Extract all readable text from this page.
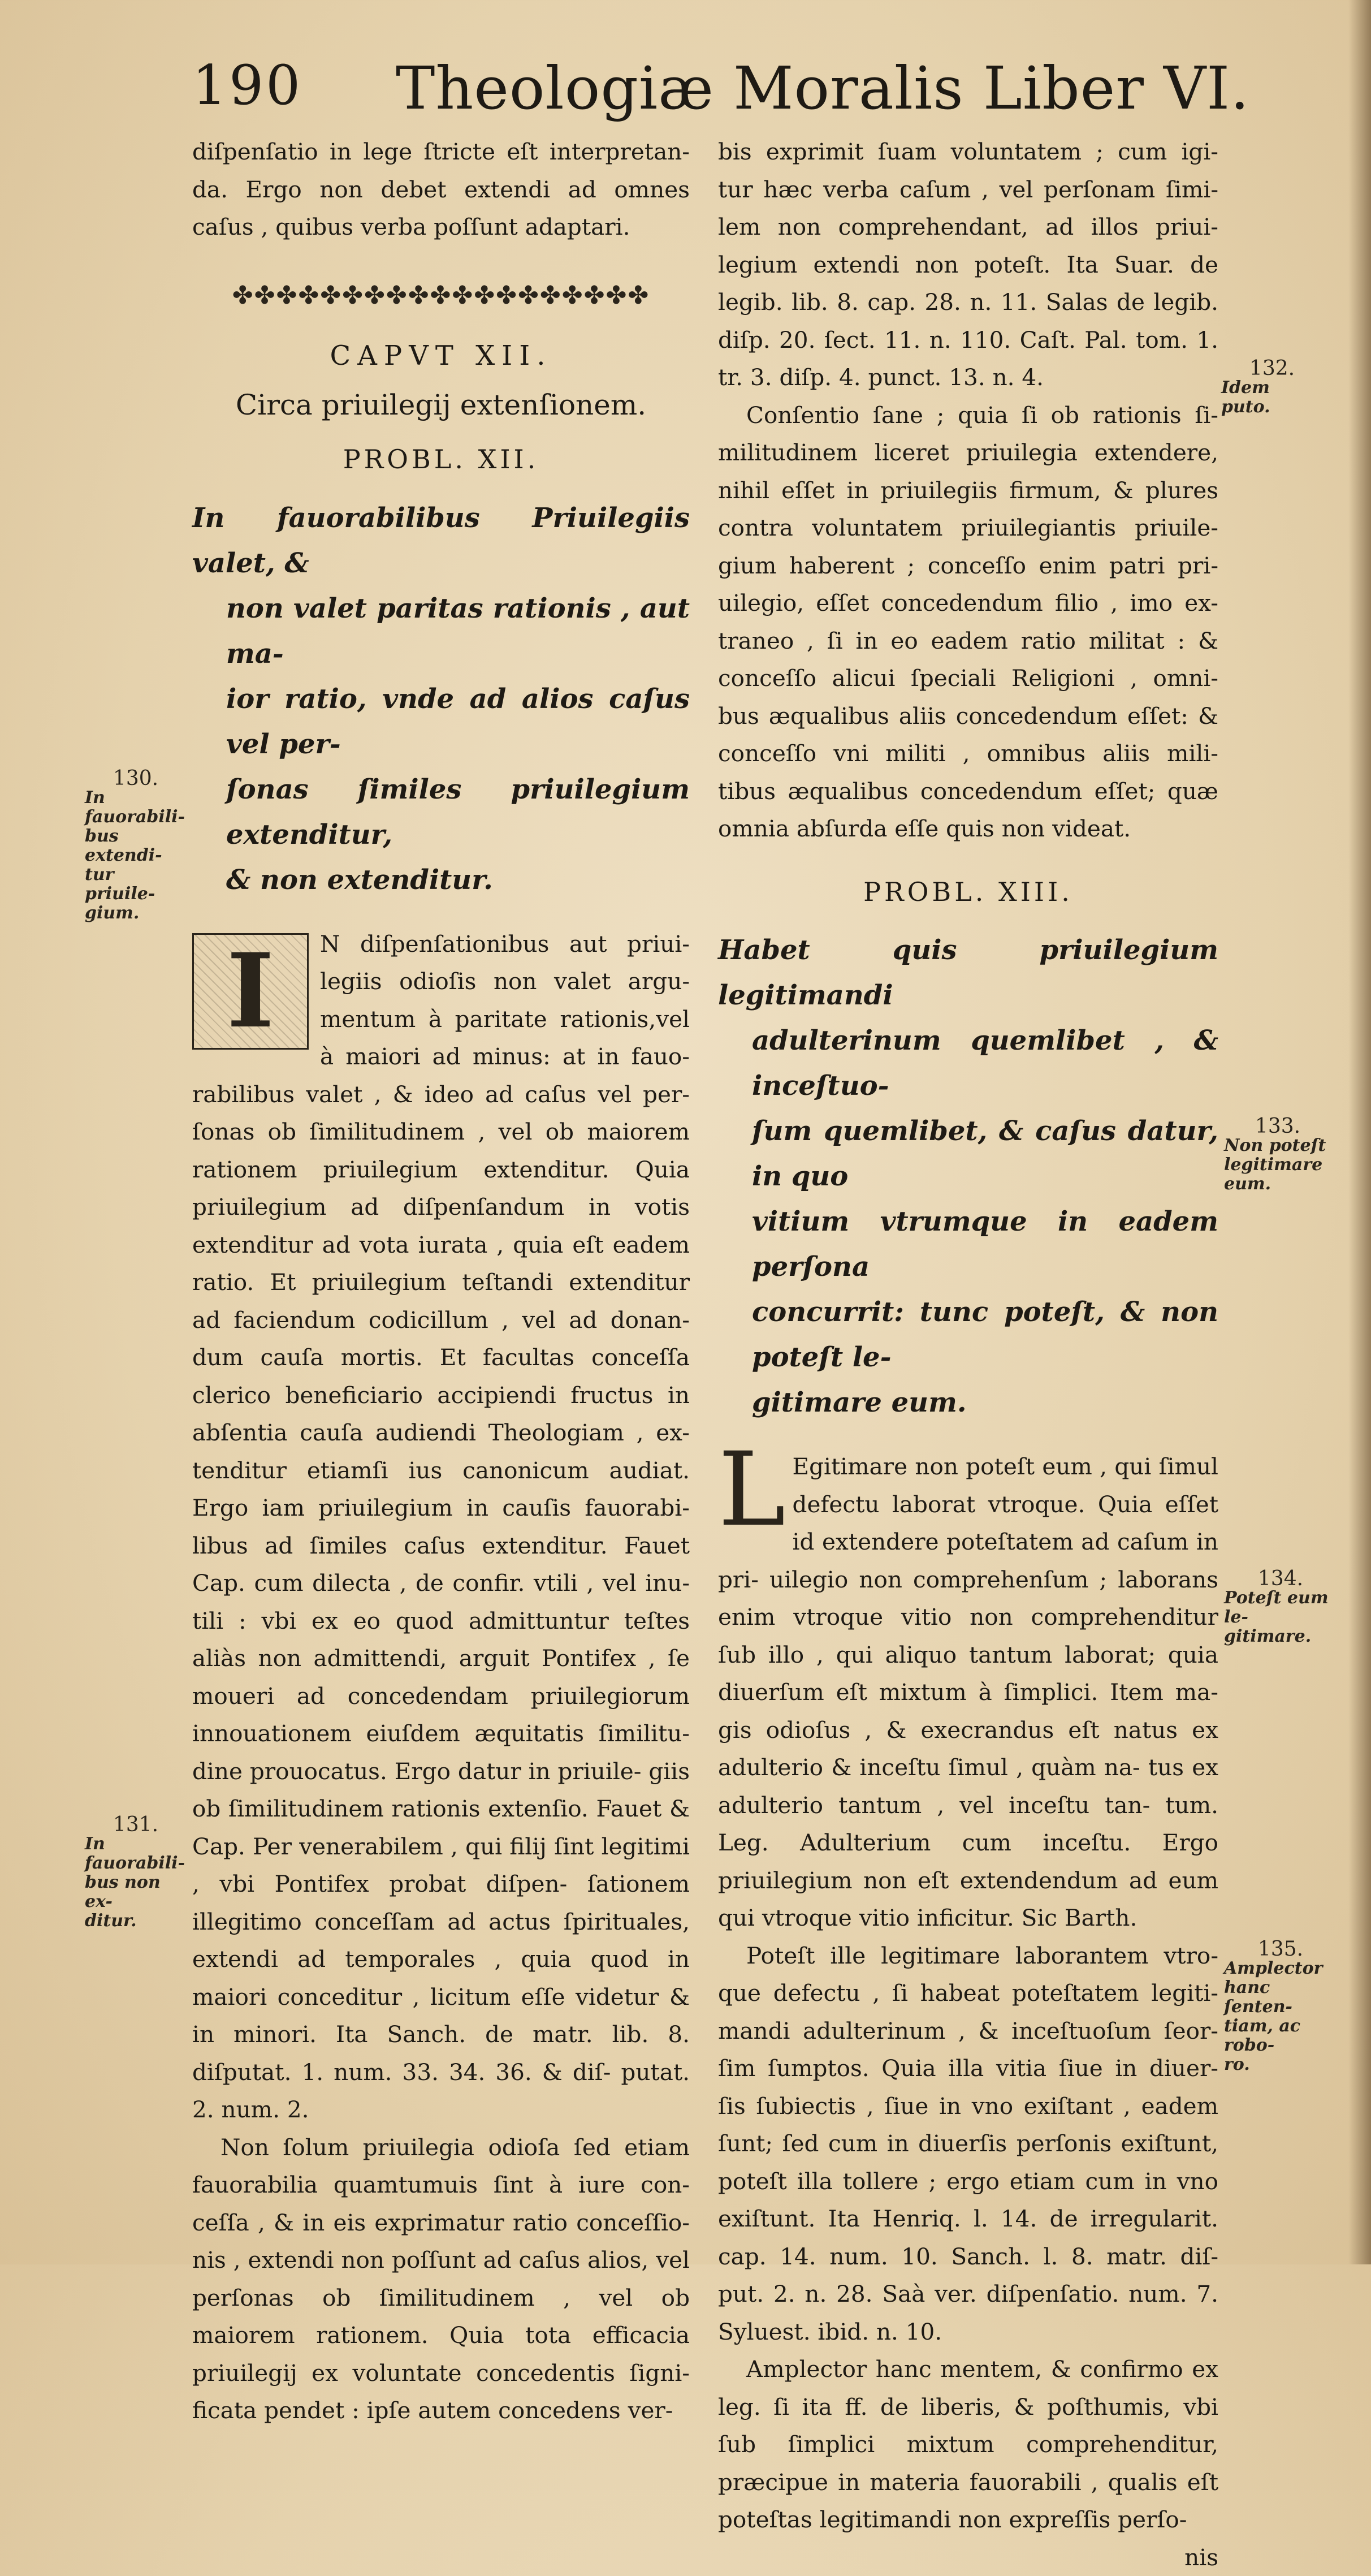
190 Theologiæ Moralis Liber VI.

diſpenſatio in lege ſtricte eſt interpretan- da. Ergo non debet extendi ad omnes caſus , quibus verba poſſunt adaptari.

✤✤✤✤✤✤✤✤✤✤✤✤✤✤✤✤✤✤✤
CAPVT XII.
Circa priuilegij extenſionem.
PROBL. XII.
In fauorabilibus Priuilegiis valet, &
non valet paritas rationis , aut ma-
ior ratio, vnde ad alios caſus vel per-
ſonas ſimiles priuilegium extenditur,
& non extenditur.

I	N diſpenſationibus aut priui- legiis odioſis non valet argu- mentum à paritate rationis,vel à maiori ad minus: at in fauo- rabilibus valet , & ideo ad caſus vel per- ſonas ob ſimilitudinem , vel ob maiorem rationem priuilegium extenditur. Quia priuilegium ad diſpenſandum in votis extenditur ad vota iurata , quia eſt eadem ratio. Et priuilegium teſtandi extenditur ad faciendum codicillum , vel ad donan- dum cauſa mortis. Et facultas conceſſa clerico beneficiario accipiendi fructus in abſentia cauſa audiendi Theologiam , ex- tenditur etiamſi ius canonicum audiat. Ergo iam priuilegium in cauſis fauorabi- libus ad ſimiles caſus extenditur. Fauet Cap. cum dilecta , de confir. vtili , vel inu- tili : vbi ex eo quod admittuntur teſtes aliàs non admittendi, arguit Pontifex , ſe moueri ad concedendam priuilegiorum innouationem eiuſdem æquitatis ſimilitu- dine prouocatus. Ergo datur in priuile- giis ob ſimilitudinem rationis extenſio. Fauet & Cap. Per venerabilem , qui filij ſint legitimi , vbi Pontifex probat diſpen- ſationem illegitimo conceſſam ad actus ſpirituales, extendi ad temporales , quia quod in maiori conceditur , licitum eſſe videtur & in minori. Ita Sanch. de matr. lib. 8. diſputat. 1. num. 33. 34. 36. & diſ- putat. 2. num. 2.

Non ſolum priuilegia odioſa ſed etiam fauorabilia quamtumuis ſint à iure con- ceſſa , & in eis exprimatur ratio conceſſio- nis , extendi non poſſunt ad caſus alios, vel perſonas ob ſimilitudinem , vel ob maiorem rationem. Quia tota efficacia priuilegij ex voluntate concedentis ſigni- ficata pendet : ipſe autem concedens ver-

bis exprimit ſuam voluntatem ; cum igi- tur hæc verba caſum , vel perſonam ſimi- lem non comprehendant, ad illos priui- legium extendi non poteſt. Ita Suar. de legib. lib. 8. cap. 28. n. 11. Salas de legib. diſp. 20. ſect. 11. n. 110. Caſt. Pal. tom. 1. tr. 3. diſp. 4. punct. 13. n. 4.

Conſentio ſane ; quia ſi ob rationis ſi- militudinem liceret priuilegia extendere, nihil eſſet in priuilegiis firmum, & plures contra voluntatem priuilegiantis priuile- gium haberent ; conceſſo enim patri pri- uilegio, eſſet concedendum filio , imo ex- traneo , ſi in eo eadem ratio militat : & conceſſo alicui ſpeciali Religioni , omni- bus æqualibus aliis concedendum eſſet: & conceſſo vni militi , omnibus aliis mili- tibus æqualibus concedendum eſſet; quæ omnia abſurda eſſe quis non videat.

PROBL. XIII.
Habet quis priuilegium legitimandi
adulterinum quemlibet , & inceſtuo-
ſum quemlibet, & caſus datur, in quo
vitium vtrumque in eadem perſona
concurrit: tunc poteſt, & non poteſt le-
gitimare eum.

L Egitimare non poteſt eum , qui ſimul defectu laborat vtroque. Quia eſſet id extendere poteſtatem ad caſum in pri- uilegio non comprehenſum ; laborans enim vtroque vitio non comprehenditur ſub illo , qui aliquo tantum laborat; quia diuerſum eſt mixtum à ſimplici. Item ma- gis odioſus , & execrandus eſt natus ex adulterio & inceſtu ſimul , quàm na- tus ex adulterio tantum , vel inceſtu tan- tum. Leg. Adulterium cum inceſtu. Ergo priuilegium non eſt extendendum ad eum qui vtroque vitio inficitur. Sic Barth.

Poteſt ille legitimare laborantem vtro- que defectu , ſi habeat poteſtatem legiti- mandi adulterinum , & inceſtuoſum ſeor- ſim ſumptos. Quia illa vitia ſiue in diuer- ſis ſubiectis , ſiue in vno exiſtant , eadem ſunt; ſed cum in diuerſis perſonis exiſtunt, poteſt illa tollere ; ergo etiam cum in vno exiſtunt. Ita Henriq. l. 14. de irregularit. cap. 14. num. 10. Sanch. l. 8. matr. diſ- put. 2. n. 28. Saà ver. diſpenſatio. num. 7. Syluest. ibid. n. 10.

Amplector hanc mentem, & confirmo ex leg. ſi ita ff. de liberis, & poſthumis, vbi ſub ſimplici mixtum comprehenditur, præcipue in materia fauorabili , qualis eſt poteſtas legitimandi non expreſſis perſo-

nis
130.
In fauorabili-
bus extendi-
tur priuile-
gium.
131.
In fauorabili-
bus non ex-
ditur.
132.
Idem puto.
133.
Non poteſt
legitimare
eum.
134.
Poteſt eum le-
gitimare.
135.
Amplector
hanc ſenten-
tiam, ac robo-
ro.
